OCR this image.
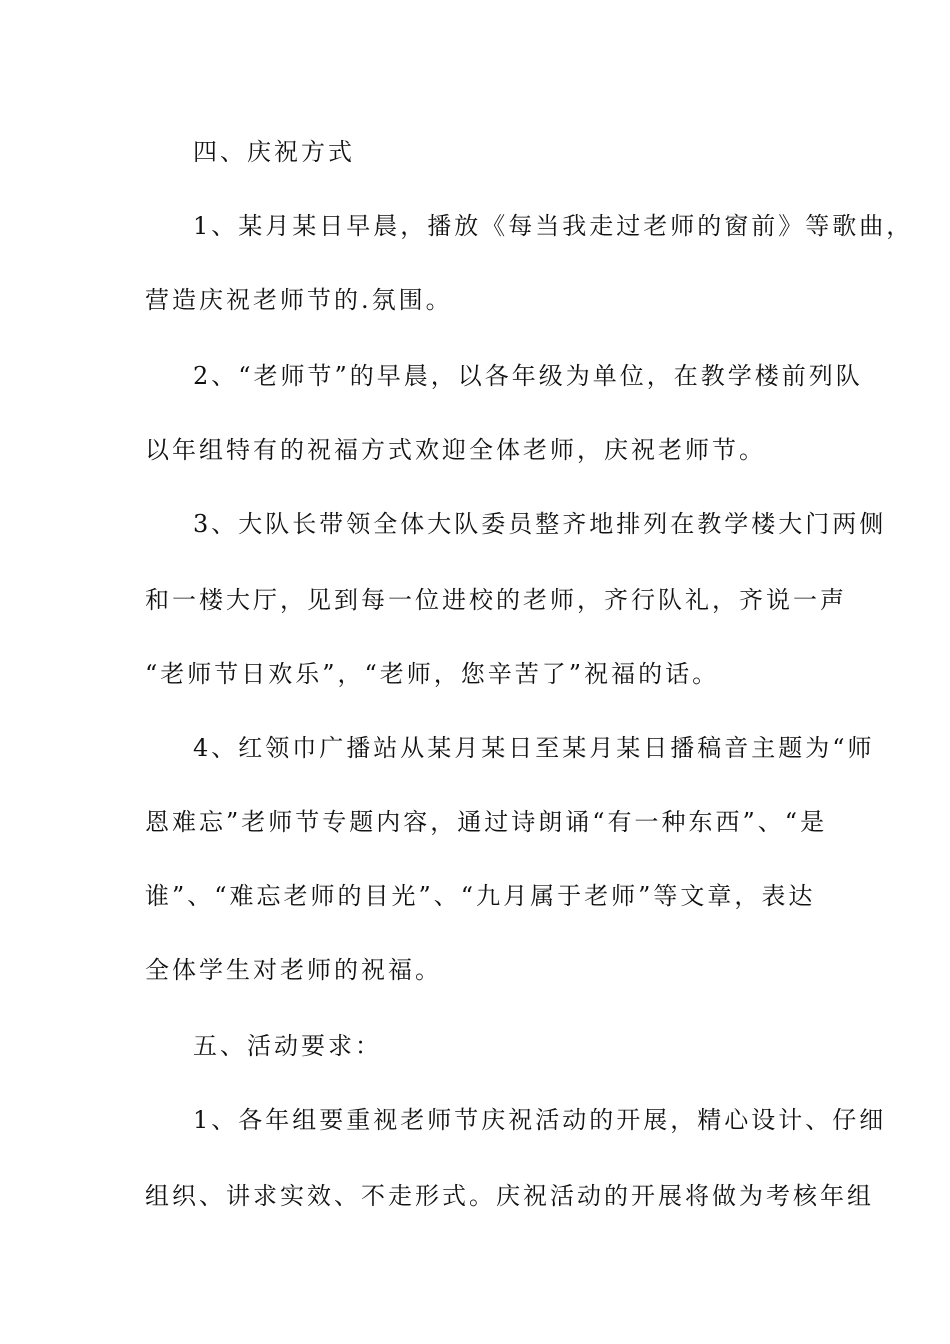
四、庆祝方式
1、某月某日早晨，播放《每当我走过老师的窗前》等歌曲，
营造庆祝老师节的.氛围。
2、“老师节”的早晨，以各年级为单位，在教学楼前列队
以年组特有的祝福方式欢迎全体老师，庆祝老师节。
3、大队长带领全体大队委员整齐地排列在教学楼大门两侧
和一楼大厅，见到每一位进校的老师，齐行队礼，齐说一声
“老师节日欢乐”，“老师，您辛苦了”祝福的话。
4、红领巾广播站从某月某日至某月某日播稿音主题为“师
恩难忘”老师节专题内容，通过诗朗诵“有一种东西”、“是
谁”、“难忘老师的目光”、“九月属于老师”等文章，表达
全体学生对老师的祝福。
五、活动要求：
1、各年组要重视老师节庆祝活动的开展，精心设计、仔细
组织、讲求实效、不走形式。庆祝活动的开展将做为考核年组
